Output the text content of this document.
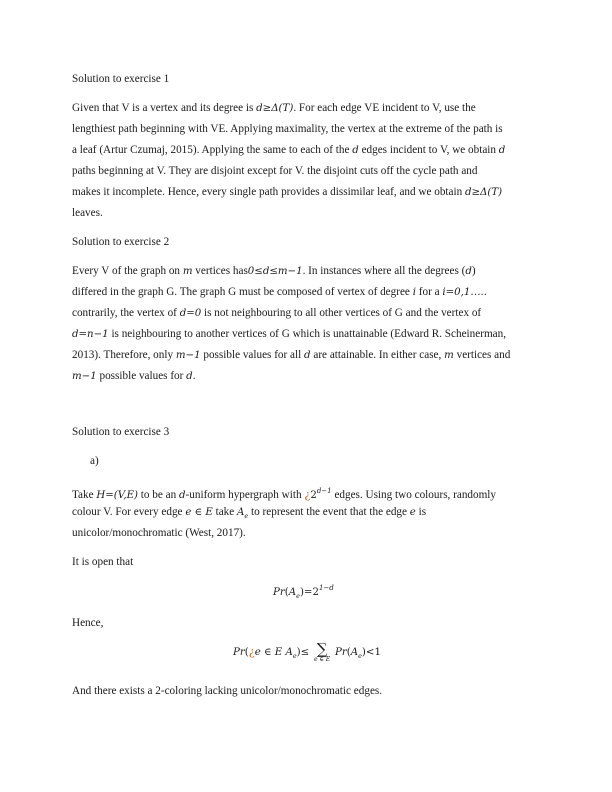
Solution to exercise 1
Given that V is a vertex and its degree is d≥Δ(T). For each edge VE incident to V, use the
lengthiest path beginning with VE. Applying maximality, the vertex at the extreme of the path is
a leaf (Artur Czumaj, 2015). Applying the same to each of the d edges incident to V, we obtain d
paths beginning at V. They are disjoint except for V. the disjoint cuts off the cycle path and
makes it incomplete. Hence, every single path provides a dissimilar leaf, and we obtain d≥Δ(T)
leaves.
Solution to exercise 2
Every V of the graph on m vertices has0≤d≤m−1. In instances where all the degrees (d)
differed in the graph G. The graph G must be composed of vertex of degree i for a i=0,1…..
contrarily, the vertex of d=0 is not neighbouring to all other vertices of G and the vertex of
d=n−1 is neighbouring to another vertices of G which is unattainable (Edward R. Scheinerman,
2013). Therefore, only m−1 possible values for all d are attainable. In either case, m vertices and
m−1 possible values for d.
Solution to exercise 3
a)
Take H=(V,E) to be an d-uniform hypergraph with ¿$2^{d-1}$ edges. Using two colours, randomly
colour V. For every edge e ∈ E take $A_e$ to represent the event that the edge e is
unicolor/monochromatic (West, 2017).
It is open that
$Pr(A_e)=2^{1-d}$
Hence,
Pr(¿e ∈ E $A_e)\le$ ∑
e ∈ E
$Pr(A_e)<1$
And there exists a 2-coloring lacking unicolor/monochromatic edges.
